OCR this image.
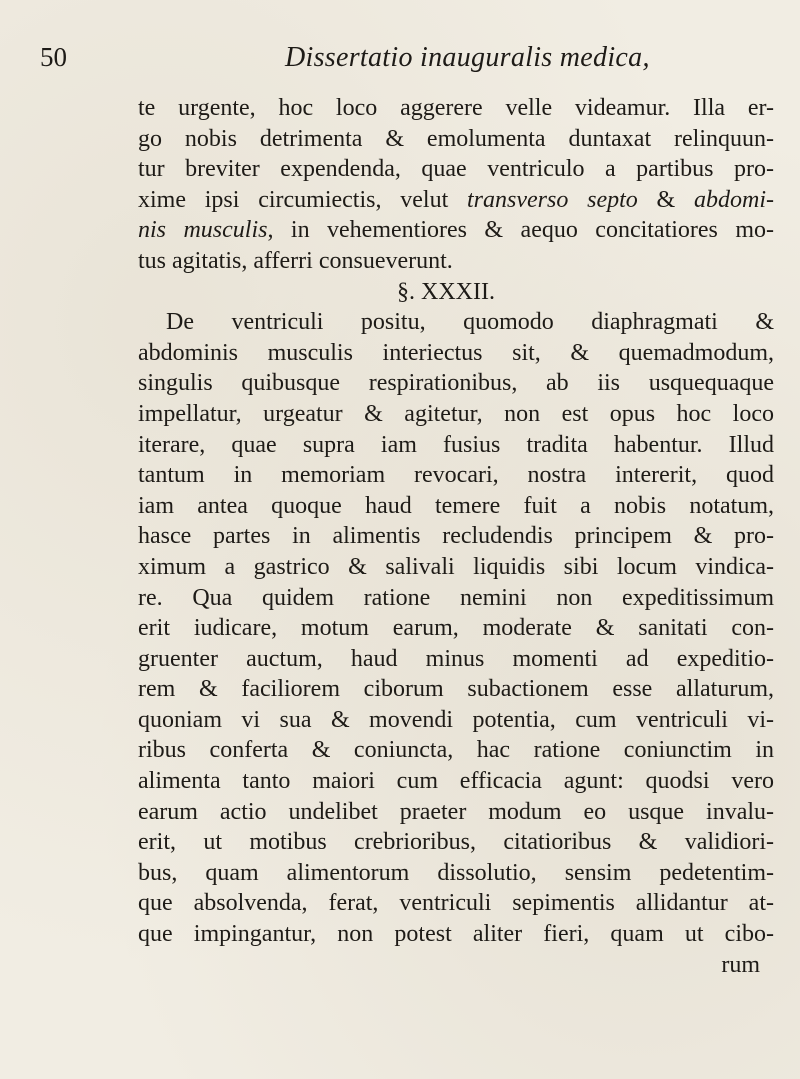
50	Dissertatio inauguralis medica,
te urgente, hoc loco aggerere velle videamur. Illa er-
go nobis detrimenta & emolumenta duntaxat relinquun-
tur breviter expendenda, quae ventriculo a partibus pro-
xime ipsi circumiectis, velut transverso septo & abdomi-
nis musculis, in vehementiores & aequo concitatiores mo-
tus agitatis, afferri consueverunt.
§. XXXII.
De ventriculi positu, quomodo diaphragmati &
abdominis musculis interiectus sit, & quemadmodum,
singulis quibusque respirationibus, ab iis usquequaque
impellatur, urgeatur & agitetur, non est opus hoc loco
iterare, quae supra iam fusius tradita habentur. Illud
tantum in memoriam revocari, nostra intererit, quod
iam antea quoque haud temere fuit a nobis notatum,
hasce partes in alimentis recludendis principem & pro-
ximum a gastrico & salivali liquidis sibi locum vindica-
re. Qua quidem ratione nemini non expeditissimum
erit iudicare, motum earum, moderate & sanitati con-
gruenter auctum, haud minus momenti ad expeditio-
rem & faciliorem ciborum subactionem esse allaturum,
quoniam vi sua & movendi potentia, cum ventriculi vi-
ribus conferta & coniuncta, hac ratione coniunctim in
alimenta tanto maiori cum efficacia agunt: quodsi vero
earum actio undelibet praeter modum eo usque invalu-
erit, ut motibus crebrioribus, citatioribus & validiori-
bus, quam alimentorum dissolutio, sensim pedetentim-
que absolvenda, ferat, ventriculi sepimentis allidantur at-
que impingantur, non potest aliter fieri, quam ut cibo-
rum
